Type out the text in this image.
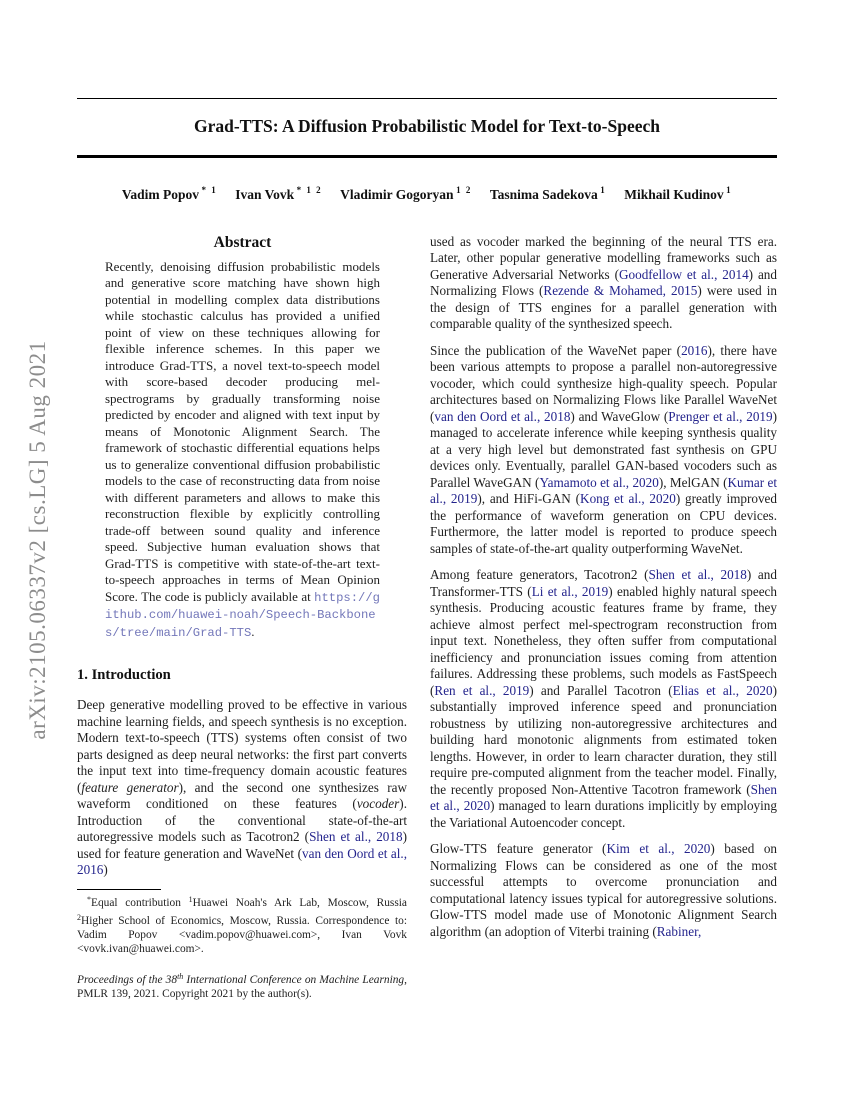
arXiv:2105.06337v2 [cs.LG] 5 Aug 2021
Grad-TTS: A Diffusion Probabilistic Model for Text-to-Speech
Vadim Popov $^{* 1}$ Ivan Vovk $^{* 1 2}$ Vladimir Gogoryan $^{1 2}$ Tasnima Sadekova $^1$ Mikhail Kudinov $^1$
Abstract

Recently, denoising diffusion probabilistic models and generative score matching have shown high potential in modelling complex data distributions while stochastic calculus has provided a unified point of view on these techniques allowing for flexible inference schemes. In this paper we introduce Grad-TTS, a novel text-to-speech model with score-based decoder producing mel-spectrograms by gradually transforming noise predicted by encoder and aligned with text input by means of Monotonic Alignment Search. The framework of stochastic differential equations helps us to generalize conventional diffusion probabilistic models to the case of reconstructing data from noise with different parameters and allows to make this reconstruction flexible by explicitly controlling trade-off between sound quality and inference speed. Subjective human evaluation shows that Grad-TTS is competitive with state-of-the-art text-to-speech approaches in terms of Mean Opinion Score. The code is publicly available at https://github.com/huawei-noah/Speech-Backbones/tree/main/Grad-TTS.

1. Introduction

Deep generative modelling proved to be effective in various machine learning fields, and speech synthesis is no exception. Modern text-to-speech (TTS) systems often consist of two parts designed as deep neural networks: the first part converts the input text into time-frequency domain acoustic features (feature generator), and the second one synthesizes raw waveform conditioned on these features (vocoder). Introduction of the conventional state-of-the-art autoregressive models such as Tacotron2 (Shen et al., 2018) used for feature generation and WaveNet (van den Oord et al., 2016)

*Equal contribution $^1$Huawei Noah's Ark Lab, Moscow, Russia $^2$Higher School of Economics, Moscow, Russia. Correspondence to: Vadim Popov <vadim.popov@huawei.com>, Ivan Vovk <vovk.ivan@huawei.com>.

Proceedings of the 38th International Conference on Machine Learning, PMLR 139, 2021. Copyright 2021 by the author(s).

used as vocoder marked the beginning of the neural TTS era. Later, other popular generative modelling frameworks such as Generative Adversarial Networks (Goodfellow et al., 2014) and Normalizing Flows (Rezende & Mohamed, 2015) were used in the design of TTS engines for a parallel generation with comparable quality of the synthesized speech.

Since the publication of the WaveNet paper (2016), there have been various attempts to propose a parallel non-autoregressive vocoder, which could synthesize high-quality speech. Popular architectures based on Normalizing Flows like Parallel WaveNet (van den Oord et al., 2018) and WaveGlow (Prenger et al., 2019) managed to accelerate inference while keeping synthesis quality at a very high level but demonstrated fast synthesis on GPU devices only. Eventually, parallel GAN-based vocoders such as Parallel WaveGAN (Yamamoto et al., 2020), MelGAN (Kumar et al., 2019), and HiFi-GAN (Kong et al., 2020) greatly improved the performance of waveform generation on CPU devices. Furthermore, the latter model is reported to produce speech samples of state-of-the-art quality outperforming WaveNet.

Among feature generators, Tacotron2 (Shen et al., 2018) and Transformer-TTS (Li et al., 2019) enabled highly natural speech synthesis. Producing acoustic features frame by frame, they achieve almost perfect mel-spectrogram reconstruction from input text. Nonetheless, they often suffer from computational inefficiency and pronunciation issues coming from attention failures. Addressing these problems, such models as FastSpeech (Ren et al., 2019) and Parallel Tacotron (Elias et al., 2020) substantially improved inference speed and pronunciation robustness by utilizing non-autoregressive architectures and building hard monotonic alignments from estimated token lengths. However, in order to learn character duration, they still require pre-computed alignment from the teacher model. Finally, the recently proposed Non-Attentive Tacotron framework (Shen et al., 2020) managed to learn durations implicitly by employing the Variational Autoencoder concept.

Glow-TTS feature generator (Kim et al., 2020) based on Normalizing Flows can be considered as one of the most successful attempts to overcome pronunciation and computational latency issues typical for autoregressive solutions. Glow-TTS model made use of Monotonic Alignment Search algorithm (an adoption of Viterbi training (Rabiner,
